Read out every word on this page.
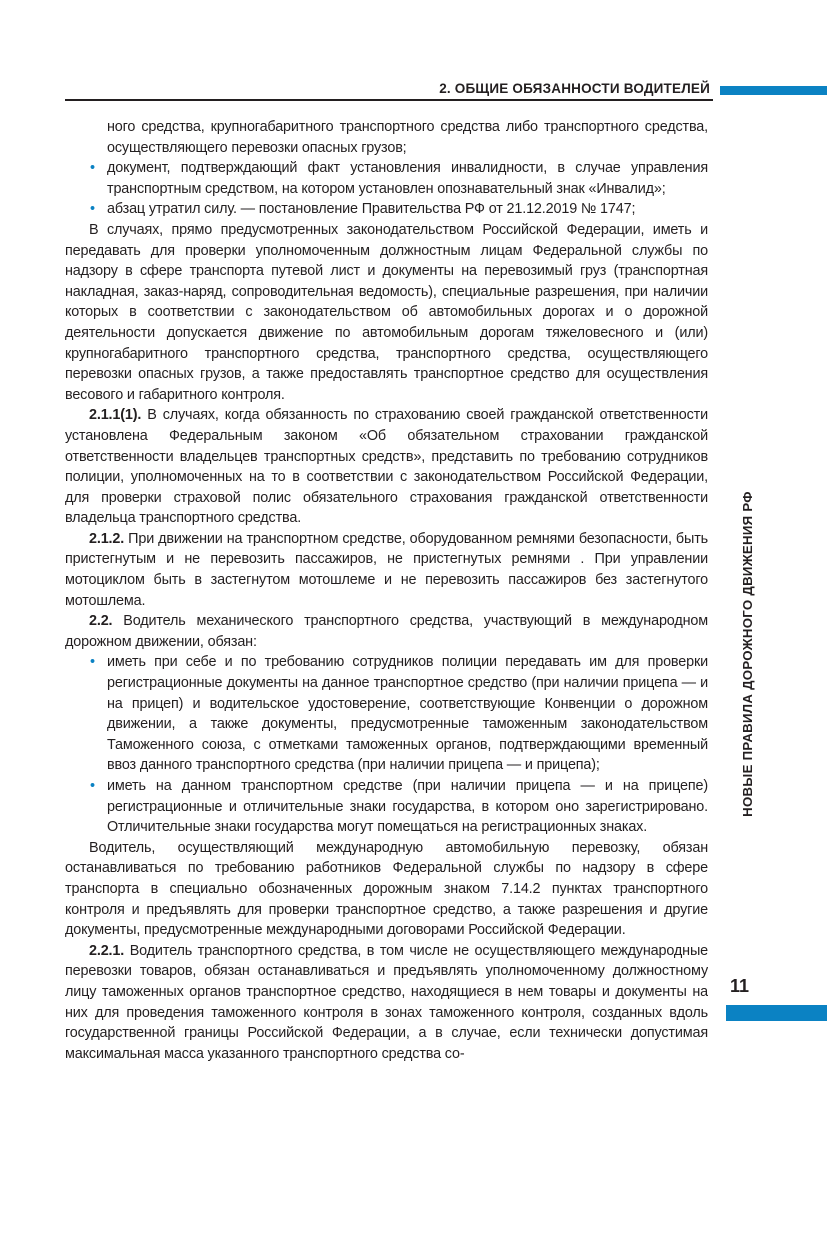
2. ОБЩИЕ ОБЯЗАННОСТИ ВОДИТЕЛЕЙ
НОВЫЕ ПРАВИЛА ДОРОЖНОГО ДВИЖЕНИЯ РФ
11

ного средства, крупногабаритного транспортного средства либо транспортного средства, осуществляющего перевозки опасных грузов;

• документ, подтверждающий факт установления инвалидности, в случае управления транспортным средством, на котором установлен опознавательный знак «Инвалид»;

• абзац утратил силу. — постановление Правительства РФ от 21.12.2019 № 1747;

В случаях, прямо предусмотренных законодательством Российской Федерации, иметь и передавать для проверки уполномоченным должностным лицам Федеральной службы по надзору в сфере транспорта путевой лист и документы на перевозимый груз (транспортная накладная, заказ-наряд, сопроводительная ведомость), специальные разрешения, при наличии которых в соответствии с законодательством об автомобильных дорогах и о дорожной деятельности допускается движение по автомобильным дорогам тяжеловесного и (или) крупногабаритного транспортного средства, транспортного средства, осуществляющего перевозки опасных грузов, а также предоставлять транспортное средство для осуществления весового и габаритного контроля.

2.1.1(1). В случаях, когда обязанность по страхованию своей гражданской ответственности установлена Федеральным законом «Об обязательном страховании гражданской ответственности владельцев транспортных средств», представить по требованию сотрудников полиции, уполномоченных на то в соответствии с законодательством Российской Федерации, для проверки страховой полис обязательного страхования гражданской ответственности владельца транспортного средства.

2.1.2. При движении на транспортном средстве, оборудованном ремнями безопасности, быть пристегнутым и не перевозить пассажиров, не пристегнутых ремнями . При управлении мотоциклом быть в застегнутом мотошлеме и не перевозить пассажиров без застегнутого мотошлема.

2.2. Водитель механического транспортного средства, участвующий в международном дорожном движении, обязан:

• иметь при себе и по требованию сотрудников полиции передавать им для проверки регистрационные документы на данное транспортное средство (при наличии прицепа — и на прицеп) и водительское удостоверение, соответствующие Конвенции о дорожном движении, а также документы, предусмотренные таможенным законодательством Таможенного союза, с отметками таможенных органов, подтверждающими временный ввоз данного транспортного средства (при наличии прицепа — и прицепа);

• иметь на данном транспортном средстве (при наличии прицепа — и на прицепе) регистрационные и отличительные знаки государства, в котором оно зарегистрировано. Отличительные знаки государства могут помещаться на регистрационных знаках.

Водитель, осуществляющий международную автомобильную перевозку, обязан останавливаться по требованию работников Федеральной службы по надзору в сфере транспорта в специально обозначенных дорожным знаком 7.14.2 пунктах транспортного контроля и предъявлять для проверки транспортное средство, а также разрешения и другие документы, предусмотренные международными договорами Российской Федерации.

2.2.1. Водитель транспортного средства, в том числе не осуществляющего международные перевозки товаров, обязан останавливаться и предъявлять уполномоченному должностному лицу таможенных органов транспортное средство, находящиеся в нем товары и документы на них для проведения таможенного контроля в зонах таможенного контроля, созданных вдоль государственной границы Российской Федерации, а в случае, если технически допустимая максимальная масса указанного транспортного средства со-
